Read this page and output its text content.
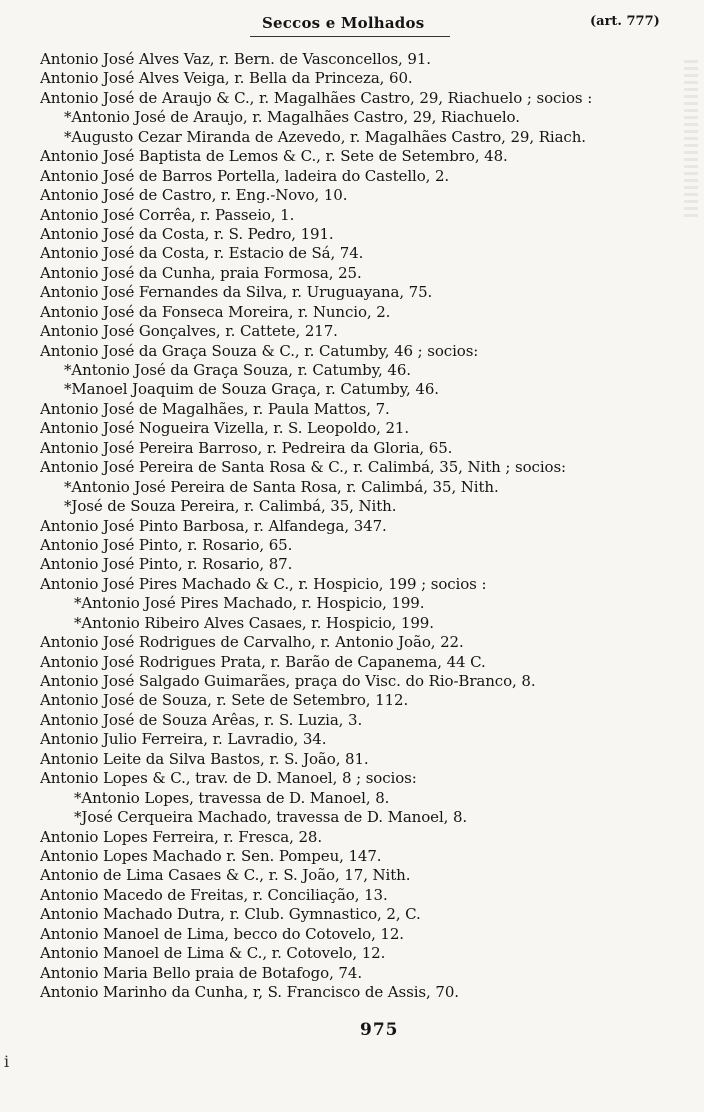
Seccos e Molhados	(art. 777)
Antonio José Alves Vaz, r. Bern. de Vasconcellos, 91.
Antonio José Alves Veiga, r. Bella da Princeza, 60.
Antonio José de Araujo & C., r. Magalhães Castro, 29, Riachuelo ; socios :
*Antonio José de Araujo, r. Magalhães Castro, 29, Riachuelo.
*Augusto Cezar Miranda de Azevedo, r. Magalhães Castro, 29, Riach.
Antonio José Baptista de Lemos & C., r. Sete de Setembro, 48.
Antonio José de Barros Portella, ladeira do Castello, 2.
Antonio José de Castro, r. Eng.-Novo, 10.
Antonio José Corrêa, r. Passeio, 1.
Antonio José da Costa, r. S. Pedro, 191.
Antonio José da Costa, r. Estacio de Sá, 74.
Antonio José da Cunha, praia Formosa, 25.
Antonio José Fernandes da Silva, r. Uruguayana, 75.
Antonio José da Fonseca Moreira, r. Nuncio, 2.
Antonio José Gonçalves, r. Cattete, 217.
Antonio José da Graça Souza & C., r. Catumby, 46 ; socios:
*Antonio José da Graça Souza, r. Catumby, 46.
*Manoel Joaquim de Souza Graça, r. Catumby, 46.
Antonio José de Magalhães, r. Paula Mattos, 7.
Antonio José Nogueira Vizella, r. S. Leopoldo, 21.
Antonio José Pereira Barroso, r. Pedreira da Gloria, 65.
Antonio José Pereira de Santa Rosa & C., r. Calimbá, 35, Nith ; socios:
*Antonio José Pereira de Santa Rosa, r. Calimbá, 35, Nith.
*José de Souza Pereira, r. Calimbá, 35, Nith.
Antonio José Pinto Barbosa, r. Alfandega, 347.
Antonio José Pinto, r. Rosario, 65.
Antonio José Pinto, r. Rosario, 87.
Antonio José Pires Machado & C., r. Hospicio, 199 ; socios :
*Antonio José Pires Machado, r. Hospicio, 199.
*Antonio Ribeiro Alves Casaes, r. Hospicio, 199.
Antonio José Rodrigues de Carvalho, r. Antonio João, 22.
Antonio José Rodrigues Prata, r. Barão de Capanema, 44 C.
Antonio José Salgado Guimarães, praça do Visc. do Rio-Branco, 8.
Antonio José de Souza, r. Sete de Setembro, 112.
Antonio José de Souza Arêas, r. S. Luzia, 3.
Antonio Julio Ferreira, r. Lavradio, 34.
Antonio Leite da Silva Bastos, r. S. João, 81.
Antonio Lopes & C., trav. de D. Manoel, 8 ; socios:
*Antonio Lopes, travessa de D. Manoel, 8.
*José Cerqueira Machado, travessa de D. Manoel, 8.
Antonio Lopes Ferreira, r. Fresca, 28.
Antonio Lopes Machado r. Sen. Pompeu, 147.
Antonio de Lima Casaes & C., r. S. João, 17, Nith.
Antonio Macedo de Freitas, r. Conciliação, 13.
Antonio Machado Dutra, r. Club. Gymnastico, 2, C.
Antonio Manoel de Lima, becco do Cotovelo, 12.
Antonio Manoel de Lima & C., r. Cotovelo, 12.
Antonio Maria Bello praia de Botafogo, 74.
Antonio Marinho da Cunha, r, S. Francisco de Assis, 70.
975
i
